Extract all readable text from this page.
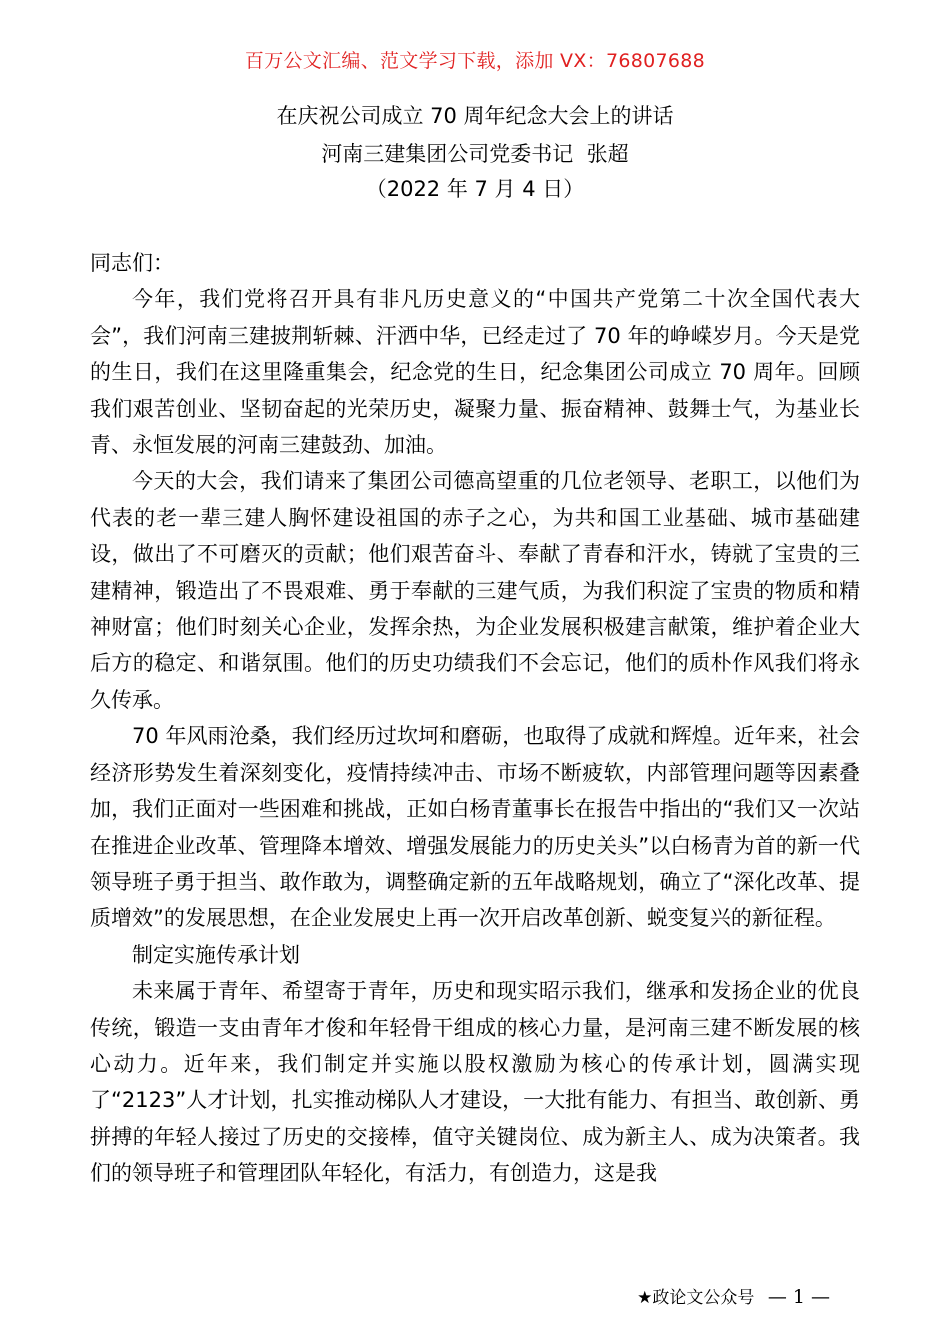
百万公文汇编、范文学习下载，添加 VX：76807688
在庆祝公司成立 70 周年纪念大会上的讲话
河南三建集团公司党委书记  张超
（2022 年 7 月 4 日）

同志们：

今年，我们党将召开具有非凡历史意义的“中国共产党第二十次全国代表大会”，我们河南三建披荆斩棘、汗洒中华，已经走过了 70 年的峥嵘岁月。今天是党的生日，我们在这里隆重集会，纪念党的生日，纪念集团公司成立 70 周年。回顾我们艰苦创业、坚韧奋起的光荣历史，凝聚力量、振奋精神、鼓舞士气，为基业长青、永恒发展的河南三建鼓劲、加油。

今天的大会，我们请来了集团公司德高望重的几位老领导、老职工，以他们为代表的老一辈三建人胸怀建设祖国的赤子之心，为共和国工业基础、城市基础建设，做出了不可磨灭的贡献；他们艰苦奋斗、奉献了青春和汗水，铸就了宝贵的三建精神，锻造出了不畏艰难、勇于奉献的三建气质，为我们积淀了宝贵的物质和精神财富；他们时刻关心企业，发挥余热，为企业发展积极建言献策，维护着企业大后方的稳定、和谐氛围。他们的历史功绩我们不会忘记，他们的质朴作风我们将永久传承。

70 年风雨沧桑，我们经历过坎坷和磨砺，也取得了成就和辉煌。近年来，社会经济形势发生着深刻变化，疫情持续冲击、市场不断疲软，内部管理问题等因素叠加，我们正面对一些困难和挑战，正如白杨青董事长在报告中指出的“我们又一次站在推进企业改革、管理降本增效、增强发展能力的历史关头”以白杨青为首的新一代领导班子勇于担当、敢作敢为，调整确定新的五年战略规划，确立了“深化改革、提质增效”的发展思想，在企业发展史上再一次开启改革创新、蜕变复兴的新征程。

制定实施传承计划

未来属于青年、希望寄于青年，历史和现实昭示我们，继承和发扬企业的优良传统，锻造一支由青年才俊和年轻骨干组成的核心力量，是河南三建不断发展的核心动力。近年来，我们制定并实施以股权激励为核心的传承计划，圆满实现了“2123”人才计划，扎实推动梯队人才建设，一大批有能力、有担当、敢创新、勇拼搏的年轻人接过了历史的交接棒，值守关键岗位、成为新主人、成为决策者。我们的领导班子和管理团队年轻化，有活力，有创造力，这是我

★政论文公众号 — 1 —
